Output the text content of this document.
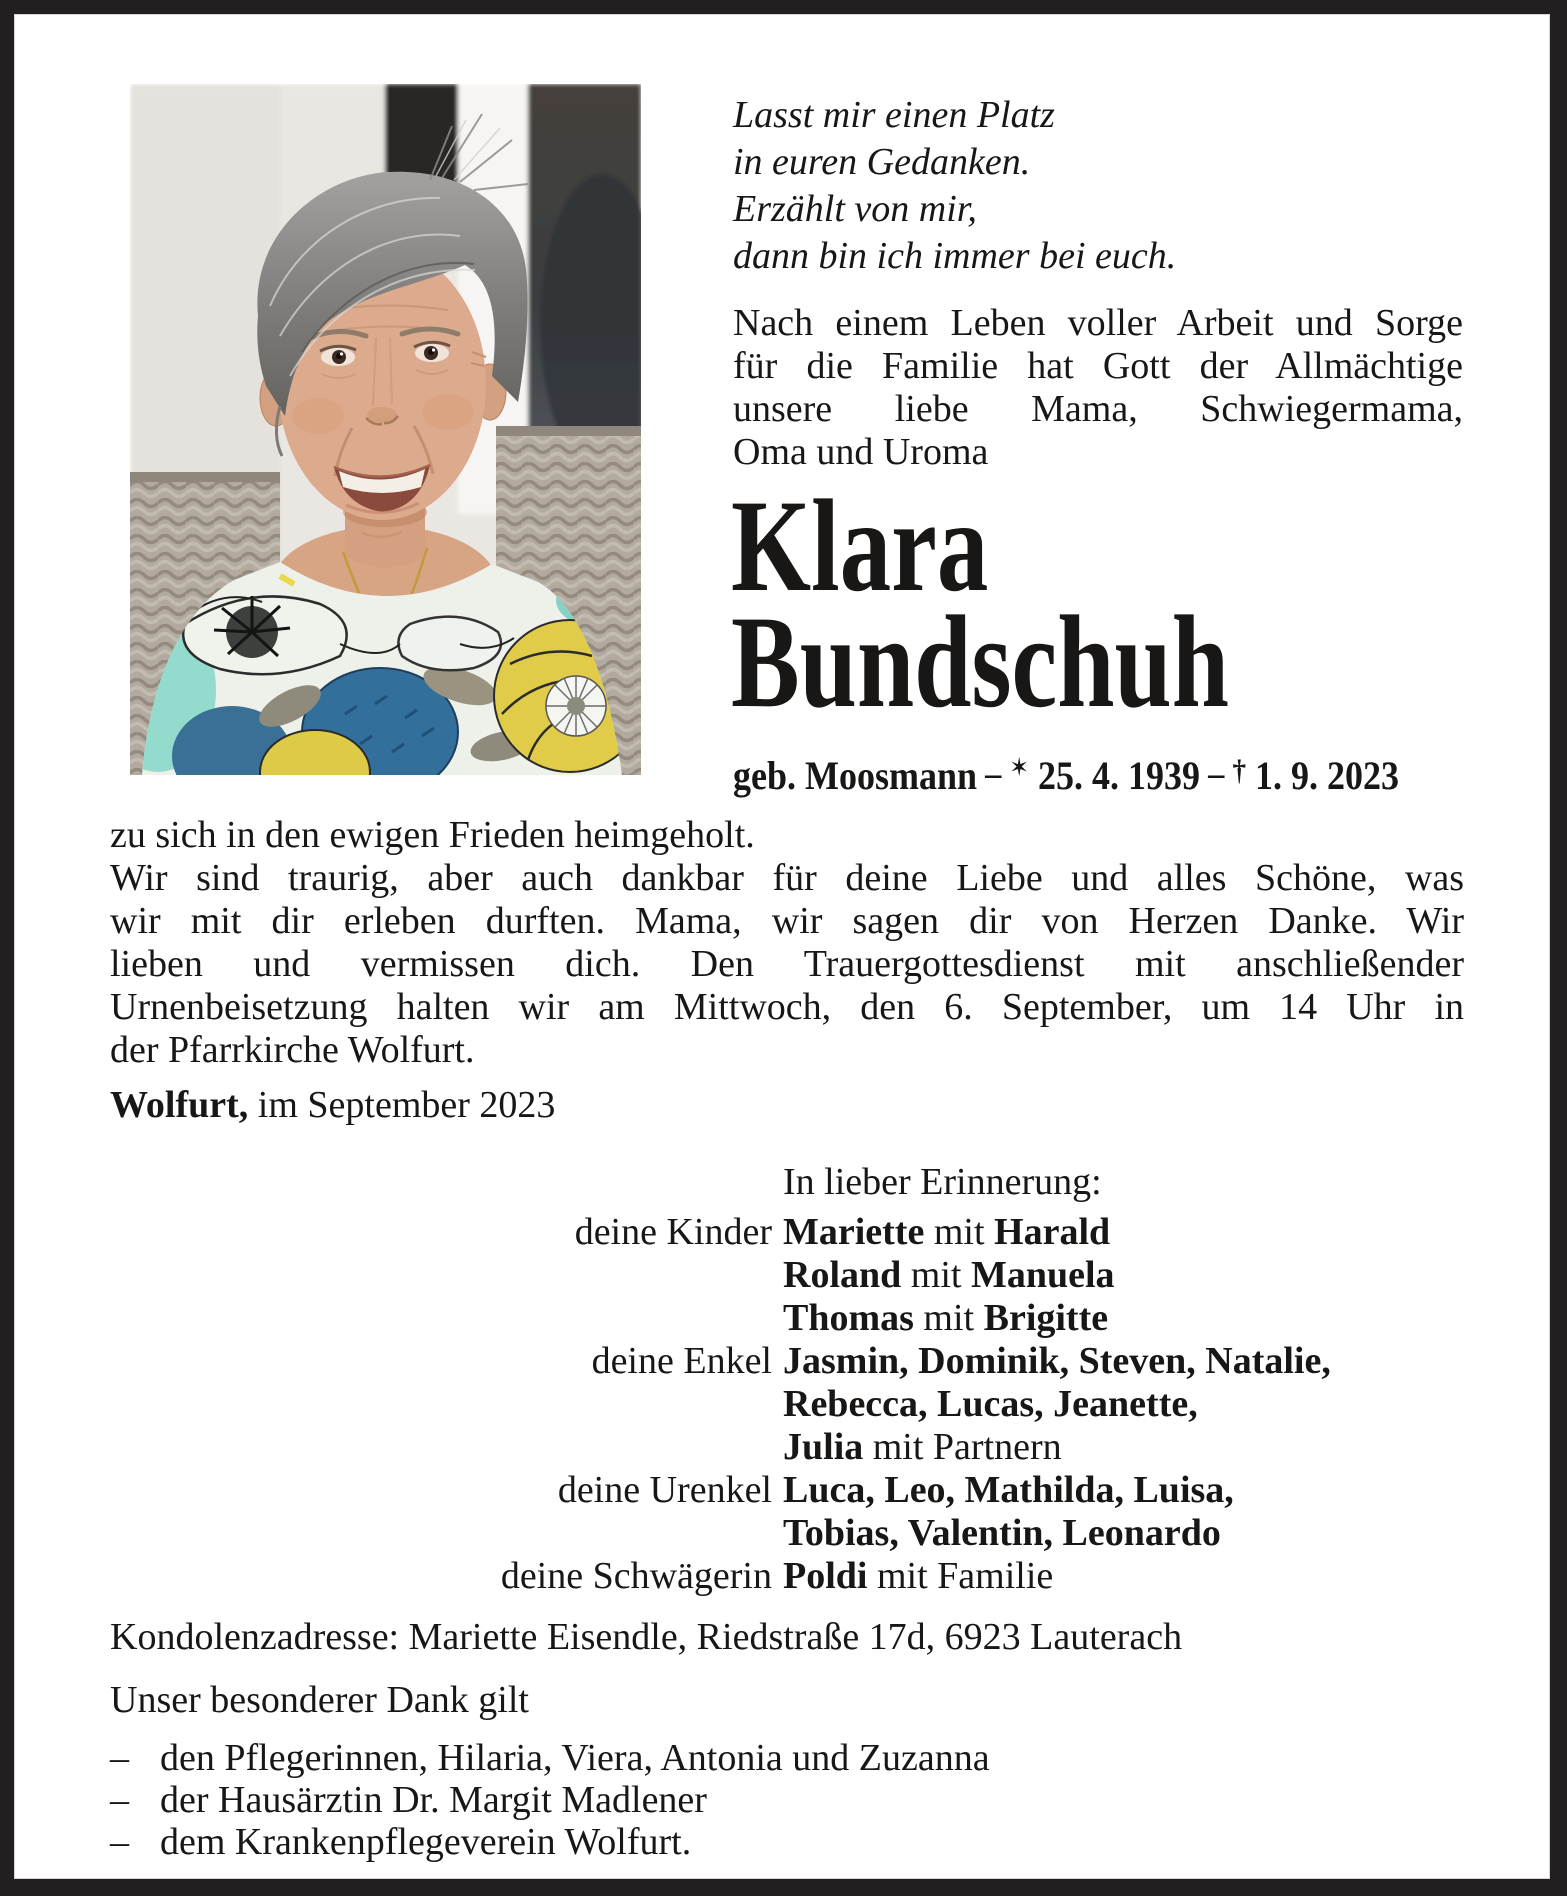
Lasst mir einen Platz
in euren Gedanken.
Erzählt von mir,
dann bin ich immer bei euch.
Nach einem Leben voller Arbeit und Sorge
für die Familie hat Gott der Allmächtige
unsere liebe Mama, Schwiegermama,
Oma und Uroma
Klara
Bundschuh
geb. Moosmann – ✶ 25. 4. 1939 – † 1. 9. 2023
zu sich in den ewigen Frieden heimgeholt.
Wir sind traurig, aber auch dankbar für deine Liebe und alles Schöne, was
wir mit dir erleben durften. Mama, wir sagen dir von Herzen Danke. Wir
lieben und vermissen dich. Den Trauergottesdienst mit anschließender
Urnenbeisetzung halten wir am Mittwoch, den 6. September, um 14 Uhr in
der Pfarrkirche Wolfurt.
Wolfurt, im September 2023
In lieber Erinnerung:
deine Kinder Mariette mit Harald
Roland mit Manuela
Thomas mit Brigitte
deine Enkel Jasmin, Dominik, Steven, Natalie,
Rebecca, Lucas, Jeanette,
Julia mit Partnern
deine Urenkel Luca, Leo, Mathilda, Luisa,
Tobias, Valentin, Leonardo
deine Schwägerin Poldi mit Familie
Kondolenzadresse: Mariette Eisendle, Riedstraße 17d, 6923 Lauterach
Unser besonderer Dank gilt
– den Pflegerinnen, Hilaria, Viera, Antonia und Zuzanna
– der Hausärztin Dr. Margit Madlener
– dem Krankenpflegeverein Wolfurt.
